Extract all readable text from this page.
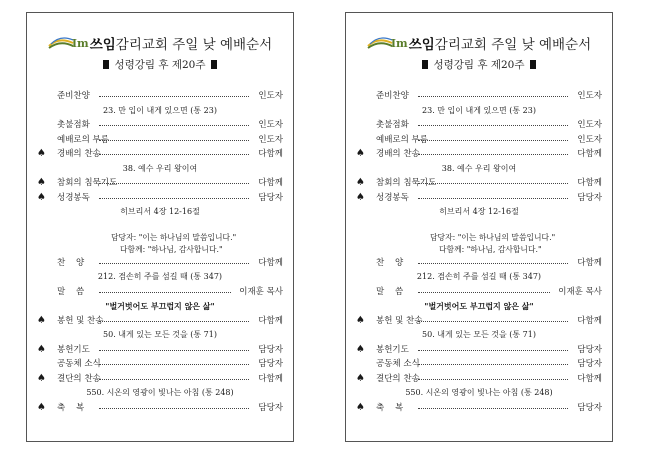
Im 쓰임 감리교회 주일 낮 예배순서

성령강림 후 제20주
준비찬양	인도자
23. 만 입이 내게 있으면 (통 23)
촛불점화	인도자
예배로의 부름	인도자
♠ 경배의 찬송	다함께
38. 예수 우리 왕이여
♠ 참회의 침묵기도	다함께
♠ 성경봉독	담당자
히브리서 4장 12-16절
담당자: "이는 하나님의 말씀입니다."
다함께: "하나님, 감사합니다."
찬    양	다함께
212. 겸손히 주를 섬길 때 (통 347)
말    씀	이재훈 목사
"벌거벗어도 부끄럽지 않은 삶"
♠ 봉헌 및 찬송	다함께
50. 내게 있는 모든 것을 (통 71)
♠ 봉헌기도	담당자
공동체 소식	담당자
♠ 결단의 찬송	다함께
550. 시온의 영광이 빛나는 아침 (통 248)
♠ 축    복	담당자
Im 쓰임 감리교회 주일 낮 예배순서

성령강림 후 제20주
준비찬양	인도자
23. 만 입이 내게 있으면 (통 23)
촛불점화	인도자
예배로의 부름	인도자
♠ 경배의 찬송	다함께
38. 예수 우리 왕이여
♠ 참회의 침묵기도	다함께
♠ 성경봉독	담당자
히브리서 4장 12-16절
담당자: "이는 하나님의 말씀입니다."
다함께: "하나님, 감사합니다."
찬    양	다함께
212. 겸손히 주를 섬길 때 (통 347)
말    씀	이재훈 목사
"벌거벗어도 부끄럽지 않은 삶"
♠ 봉헌 및 찬송	다함께
50. 내게 있는 모든 것을 (통 71)
♠ 봉헌기도	담당자
공동체 소식	담당자
♠ 결단의 찬송	다함께
550. 시온의 영광이 빛나는 아침 (통 248)
♠ 축    복	담당자
